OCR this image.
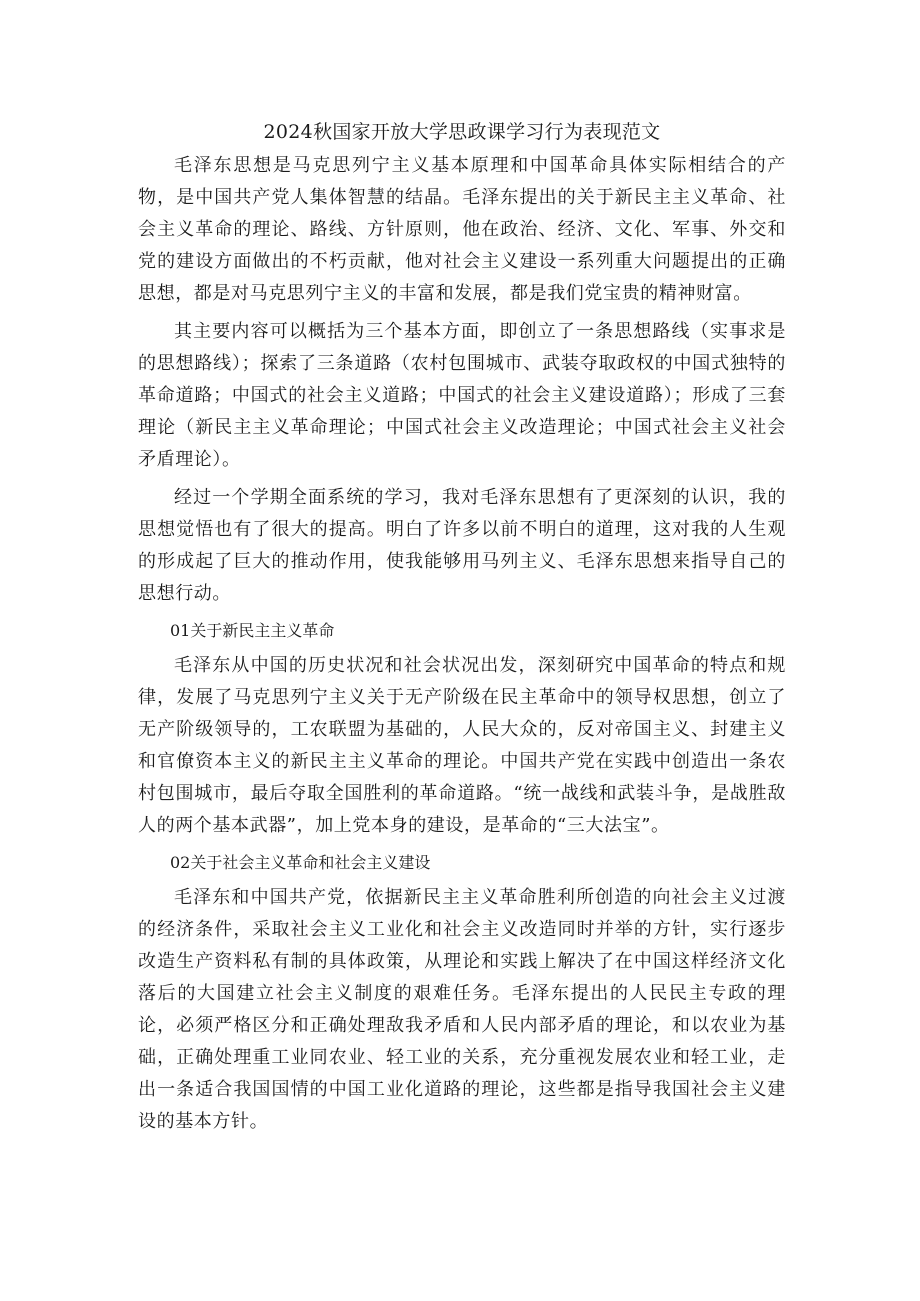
2024秋国家开放大学思政课学习行为表现范文

毛泽东思想是马克思列宁主义基本原理和中国革命具体实际相结合的产物，是中国共产党人集体智慧的结晶。毛泽东提出的关于新民主主义革命、社会主义革命的理论、路线、方针原则，他在政治、经济、文化、军事、外交和党的建设方面做出的不朽贡献，他对社会主义建设一系列重大问题提出的正确思想，都是对马克思列宁主义的丰富和发展，都是我们党宝贵的精神财富。

其主要内容可以概括为三个基本方面，即创立了一条思想路线（实事求是的思想路线）；探索了三条道路（农村包围城市、武装夺取政权的中国式独特的革命道路；中国式的社会主义道路；中国式的社会主义建设道路）；形成了三套理论（新民主主义革命理论；中国式社会主义改造理论；中国式社会主义社会矛盾理论）。

经过一个学期全面系统的学习，我对毛泽东思想有了更深刻的认识，我的思想觉悟也有了很大的提高。明白了许多以前不明白的道理，这对我的人生观的形成起了巨大的推动作用，使我能够用马列主义、毛泽东思想来指导自己的思想行动。

01关于新民主主义革命

毛泽东从中国的历史状况和社会状况出发，深刻研究中国革命的特点和规律，发展了马克思列宁主义关于无产阶级在民主革命中的领导权思想，创立了无产阶级领导的，工农联盟为基础的，人民大众的，反对帝国主义、封建主义和官僚资本主义的新民主主义革命的理论。中国共产党在实践中创造出一条农村包围城市，最后夺取全国胜利的革命道路。“统一战线和武装斗争，是战胜敌人的两个基本武器”，加上党本身的建设，是革命的“三大法宝”。

02关于社会主义革命和社会主义建设

毛泽东和中国共产党，依据新民主主义革命胜利所创造的向社会主义过渡的经济条件，采取社会主义工业化和社会主义改造同时并举的方针，实行逐步改造生产资料私有制的具体政策，从理论和实践上解决了在中国这样经济文化落后的大国建立社会主义制度的艰难任务。毛泽东提出的人民民主专政的理论，必须严格区分和正确处理敌我矛盾和人民内部矛盾的理论，和以农业为基础，正确处理重工业同农业、轻工业的关系，充分重视发展农业和轻工业，走出一条适合我国国情的中国工业化道路的理论，这些都是指导我国社会主义建设的基本方针。
